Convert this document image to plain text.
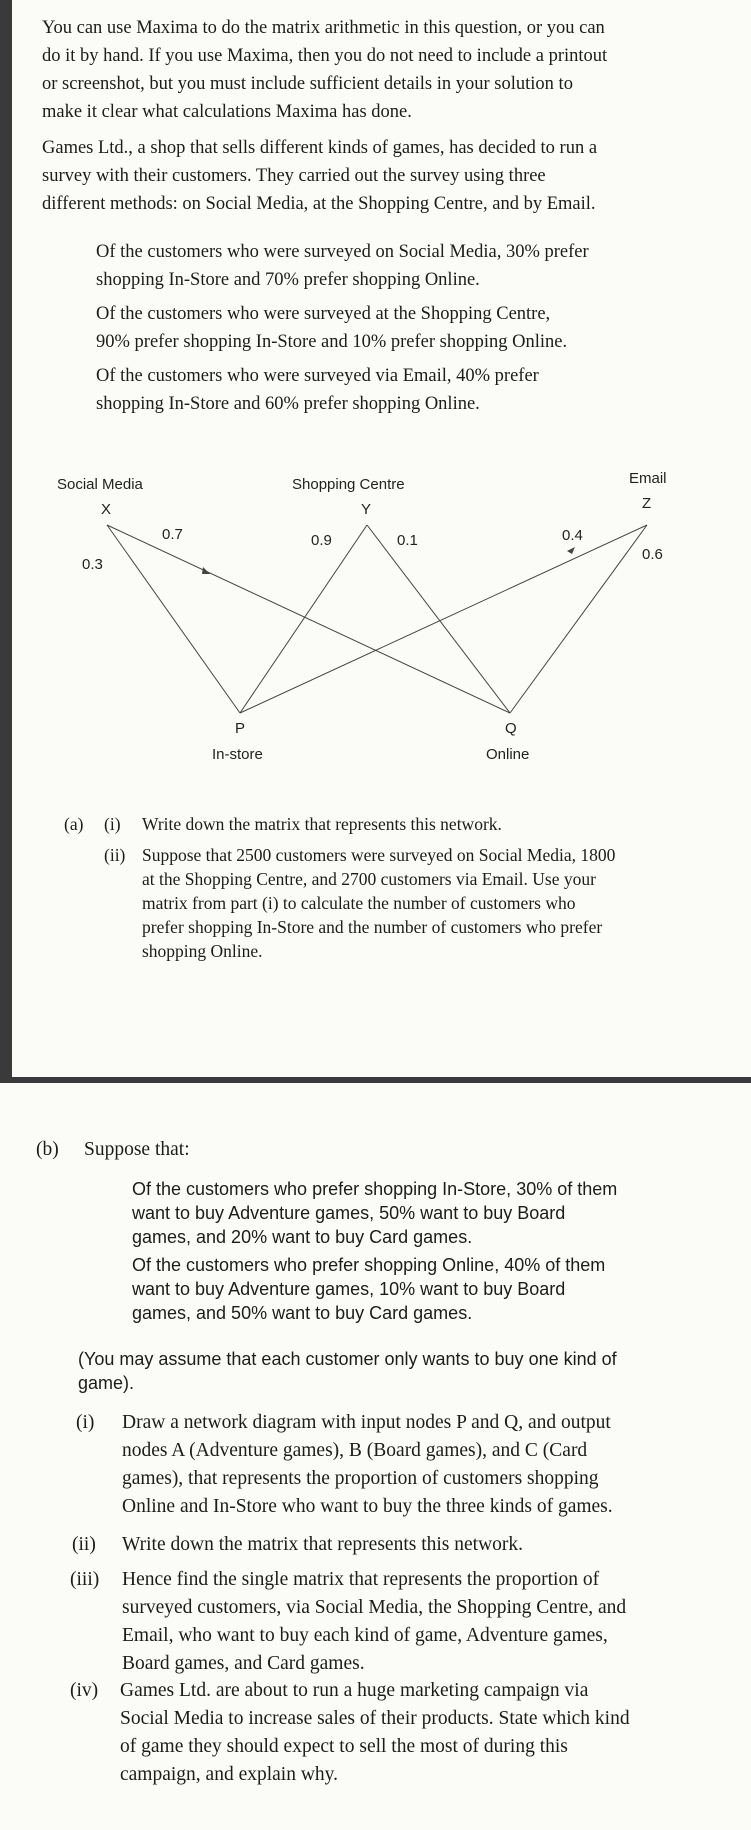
You can use Maxima to do the matrix arithmetic in this question, or you can
do it by hand. If you use Maxima, then you do not need to include a printout
or screenshot, but you must include sufficient details in your solution to
make it clear what calculations Maxima has done.
Games Ltd., a shop that sells different kinds of games, has decided to run a
survey with their customers. They carried out the survey using three
different methods: on Social Media, at the Shopping Centre, and by Email.
Of the customers who were surveyed on Social Media, 30% prefer
shopping In-Store and 70% prefer shopping Online.
Of the customers who were surveyed at the Shopping Centre,
90% prefer shopping In-Store and 10% prefer shopping Online.
Of the customers who were surveyed via Email, 40% prefer
shopping In-Store and 60% prefer shopping Online.
Social Media
X
Shopping Centre
Y
Email
Z
0.3
0.7	0.9	0.1	0.4
0.6
P
In-store
Q
Online
(a) (i) Write down the matrix that represents this network.
(ii) Suppose that 2500 customers were surveyed on Social Media, 1800
at the Shopping Centre, and 2700 customers via Email. Use your
matrix from part (i) to calculate the number of customers who
prefer shopping In-Store and the number of customers who prefer
shopping Online.
(b) Suppose that:
Of the customers who prefer shopping In-Store, 30% of them
want to buy Adventure games, 50% want to buy Board
games, and 20% want to buy Card games.
Of the customers who prefer shopping Online, 40% of them
want to buy Adventure games, 10% want to buy Board
games, and 50% want to buy Card games.
(You may assume that each customer only wants to buy one kind of
game).
(i) Draw a network diagram with input nodes P and Q, and output
nodes A (Adventure games), B (Board games), and C (Card
games), that represents the proportion of customers shopping
Online and In-Store who want to buy the three kinds of games.
(ii) Write down the matrix that represents this network.
(iii) Hence find the single matrix that represents the proportion of
surveyed customers, via Social Media, the Shopping Centre, and
Email, who want to buy each kind of game, Adventure games,
Board games, and Card games.
(iv) Games Ltd. are about to run a huge marketing campaign via
Social Media to increase sales of their products. State which kind
of game they should expect to sell the most of during this
campaign, and explain why.
